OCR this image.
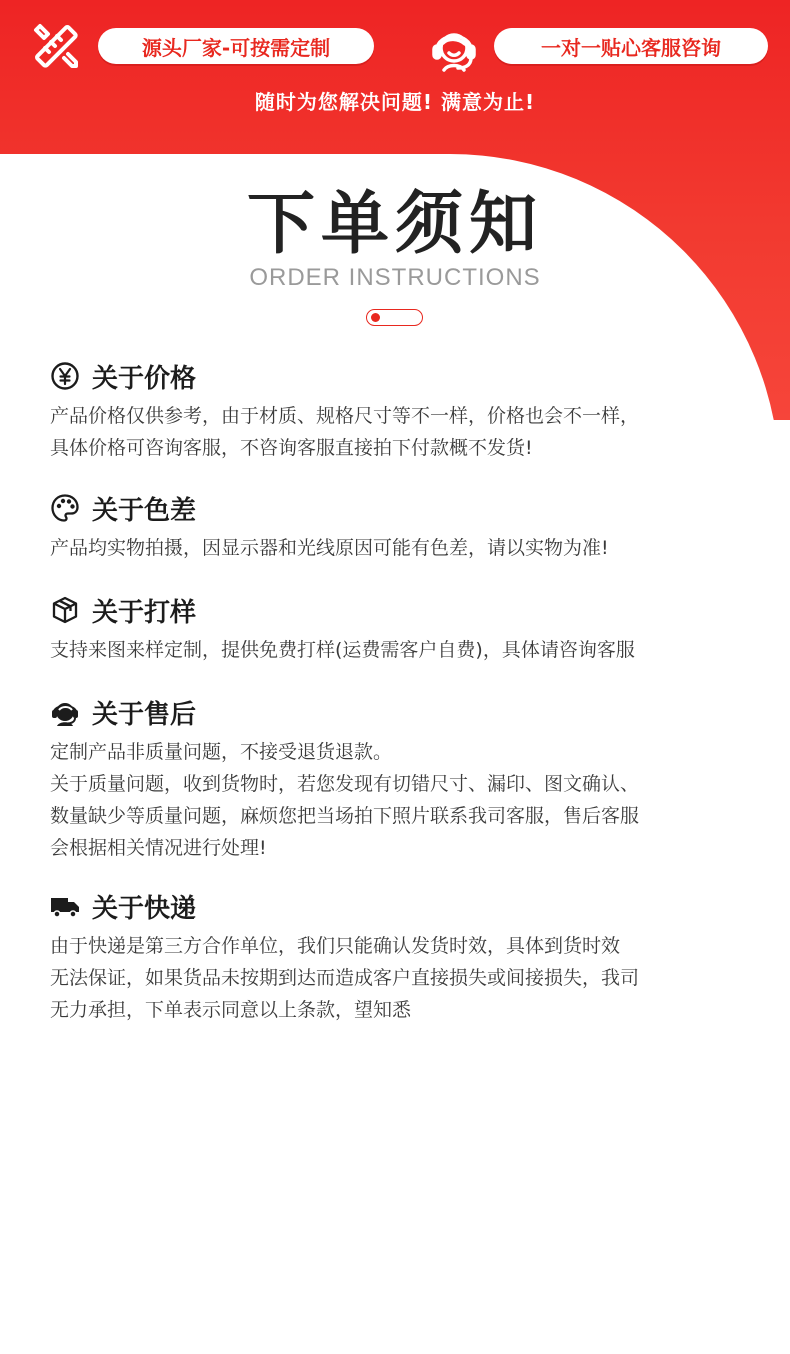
源头厂家-可按需定制	一对一贴心客服咨询
随时为您解决问题! 满意为止!
下单须知
ORDER INSTRUCTIONS
关于价格
产品价格仅供参考，由于材质、规格尺寸等不一样，价格也会不一样，
具体价格可咨询客服，不咨询客服直接拍下付款概不发货!
关于色差
产品均实物拍摄，因显示器和光线原因可能有色差，请以实物为准!
关于打样
支持来图来样定制，提供免费打样(运费需客户自费)，具体请咨询客服
关于售后
定制产品非质量问题，不接受退货退款。
关于质量问题，收到货物时，若您发现有切错尺寸、漏印、图文确认、
数量缺少等质量问题，麻烦您把当场拍下照片联系我司客服，售后客服
会根据相关情况进行处理!
关于快递
由于快递是第三方合作单位，我们只能确认发货时效，具体到货时效
无法保证，如果货品未按期到达而造成客户直接损失或间接损失，我司
无力承担，下单表示同意以上条款，望知悉
